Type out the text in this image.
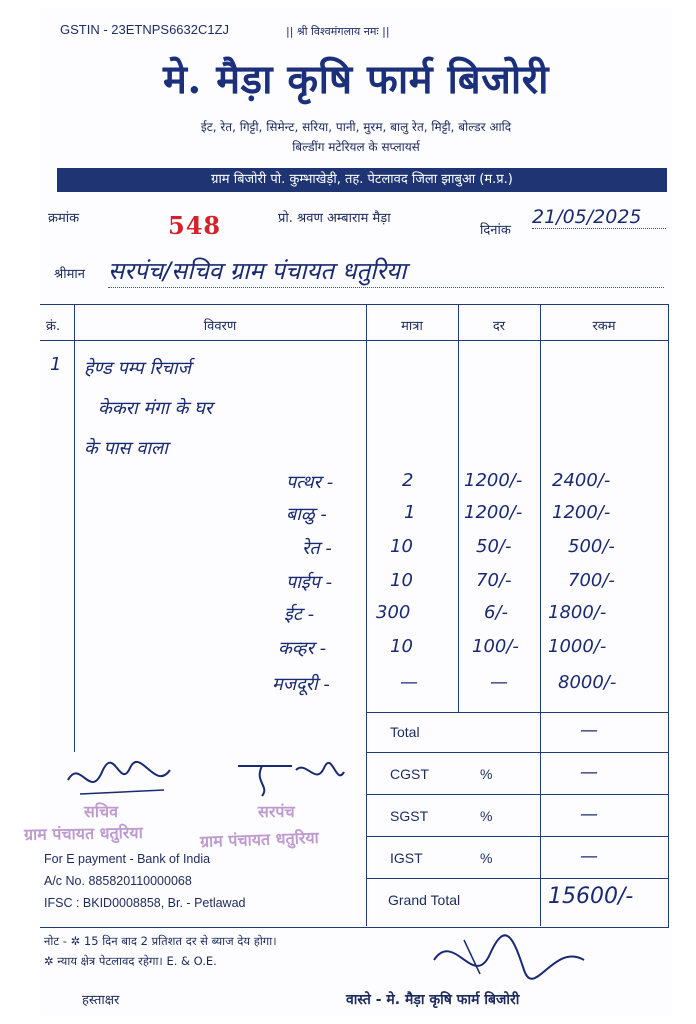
GSTIN - 23ETNPS6632C1ZJ	|| श्री विश्वमंगलाय नमः ||
मे. मैड़ा कृषि फार्म बिजोरी
ईट, रेत, गिट्टी, सिमेन्ट, सरिया, पानी, मुरम, बालु रेत, मिट्टी, बोल्डर आदि
बिल्डींग मटेरियल के सप्लायर्स
ग्राम बिजोरी पो. कुम्भाखेड़ी, तह. पेटलावद जिला झाबुआ (म.प्र.)
क्रमांक	548	प्रो. श्रवण अम्बाराम मैड़ा
दिनांक
21/05/2025
श्रीमान सरपंच/सचिव ग्राम पंचायत धतुरिया
क्रं.	विवरण	मात्रा	दर	रकम
1 हेण्ड पम्प रिचार्ज
केकरा मंगा के घर
के पास वाला
पत्थर -	2	1200/- 2400/-
बाळु -	1	1200/- 1200/-
रेत -	10	50/-	500/-
पाईप -	10	70/-	700/-
ईट -	300	6/- 1800/-
कव्हर -	10	100/- 1000/-
मजदूरी -	—	—	8000/-
Total	—
CGST	%	—
SGST	%	—
IGST	%	—
Grand Total	15600/-
सचिव	सरपंच
ग्राम पंचायत धतुरिया	ग्राम पंचायत धतुरिया
For E payment - Bank of India
A/c No. 885820110000068
IFSC : BKID0008858, Br. - Petlawad
नोट - ✲ 15 दिन बाद 2 प्रतिशत दर से ब्याज देय होगा।
✲ न्याय क्षेत्र पेटलावद रहेगा। E. & O.E.
हस्ताक्षर	वास्ते - मे. मैड़ा कृषि फार्म बिजोरी
